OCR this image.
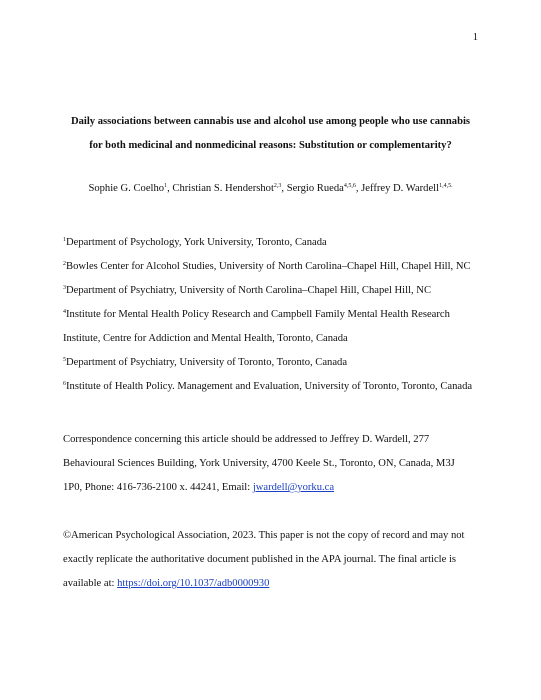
1
Daily associations between cannabis use and alcohol use among people who use cannabis
for both medicinal and nonmedicinal reasons: Substitution or complementarity?
Sophie G. Coelho$^1$, Christian S. Hendershot$^{2,3}$, Sergio Rueda$^{4,5,6}$, Jeffrey D. Wardell$^{1,4,5.}$
$^1$Department of Psychology, York University, Toronto, Canada
$^2$Bowles Center for Alcohol Studies, University of North Carolina–Chapel Hill, Chapel Hill, NC
$^3$Department of Psychiatry, University of North Carolina–Chapel Hill, Chapel Hill, NC
$^4$Institute for Mental Health Policy Research and Campbell Family Mental Health Research
Institute, Centre for Addiction and Mental Health, Toronto, Canada
$^5$Department of Psychiatry, University of Toronto, Toronto, Canada
$^6$Institute of Health Policy. Management and Evaluation, University of Toronto, Toronto, Canada
Correspondence concerning this article should be addressed to Jeffrey D. Wardell, 277
Behavioural Sciences Building, York University, 4700 Keele St., Toronto, ON, Canada, M3J
1P0, Phone: 416-736-2100 x. 44241, Email: jwardell@yorku.ca
©American Psychological Association, 2023. This paper is not the copy of record and may not
exactly replicate the authoritative document published in the APA journal. The final article is
available at: https://doi.org/10.1037/adb0000930
